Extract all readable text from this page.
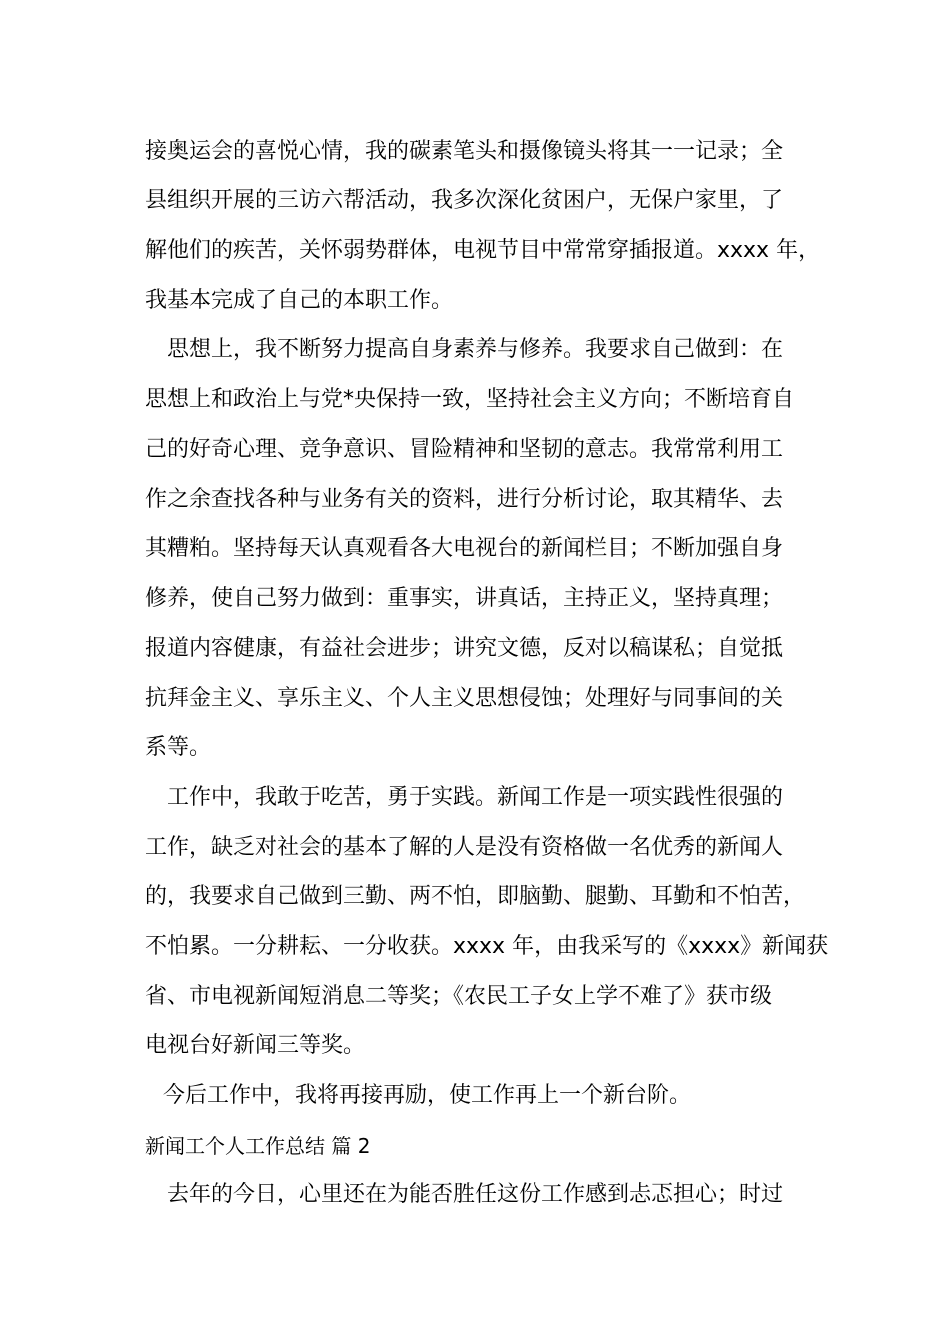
接奥运会的喜悦心情，我的碳素笔头和摄像镜头将其一一记录；全
县组织开展的三访六帮活动，我多次深化贫困户，无保户家里，了
解他们的疾苦，关怀弱势群体，电视节目中常常穿插报道。xxxx 年，
我基本完成了自己的本职工作。
思想上，我不断努力提高自身素养与修养。我要求自己做到：在
思想上和政治上与党*央保持一致，坚持社会主义方向；不断培育自
己的好奇心理、竞争意识、冒险精神和坚韧的意志。我常常利用工
作之余查找各种与业务有关的资料，进行分析讨论，取其精华、去
其糟粕。坚持每天认真观看各大电视台的新闻栏目；不断加强自身
修养，使自己努力做到：重事实，讲真话，主持正义，坚持真理；
报道内容健康，有益社会进步；讲究文德，反对以稿谋私；自觉抵
抗拜金主义、享乐主义、个人主义思想侵蚀；处理好与同事间的关
系等。
工作中，我敢于吃苦，勇于实践。新闻工作是一项实践性很强的
工作，缺乏对社会的基本了解的人是没有资格做一名优秀的新闻人
的，我要求自己做到三勤、两不怕，即脑勤、腿勤、耳勤和不怕苦，
不怕累。一分耕耘、一分收获。xxxx 年，由我采写的《xxxx》新闻获
省、市电视新闻短消息二等奖；《农民工子女上学不难了》获市级
电视台好新闻三等奖。
今后工作中，我将再接再励，使工作再上一个新台阶。
新闻工个人工作总结 篇 2
去年的今日，心里还在为能否胜任这份工作感到忐忑担心；时过
